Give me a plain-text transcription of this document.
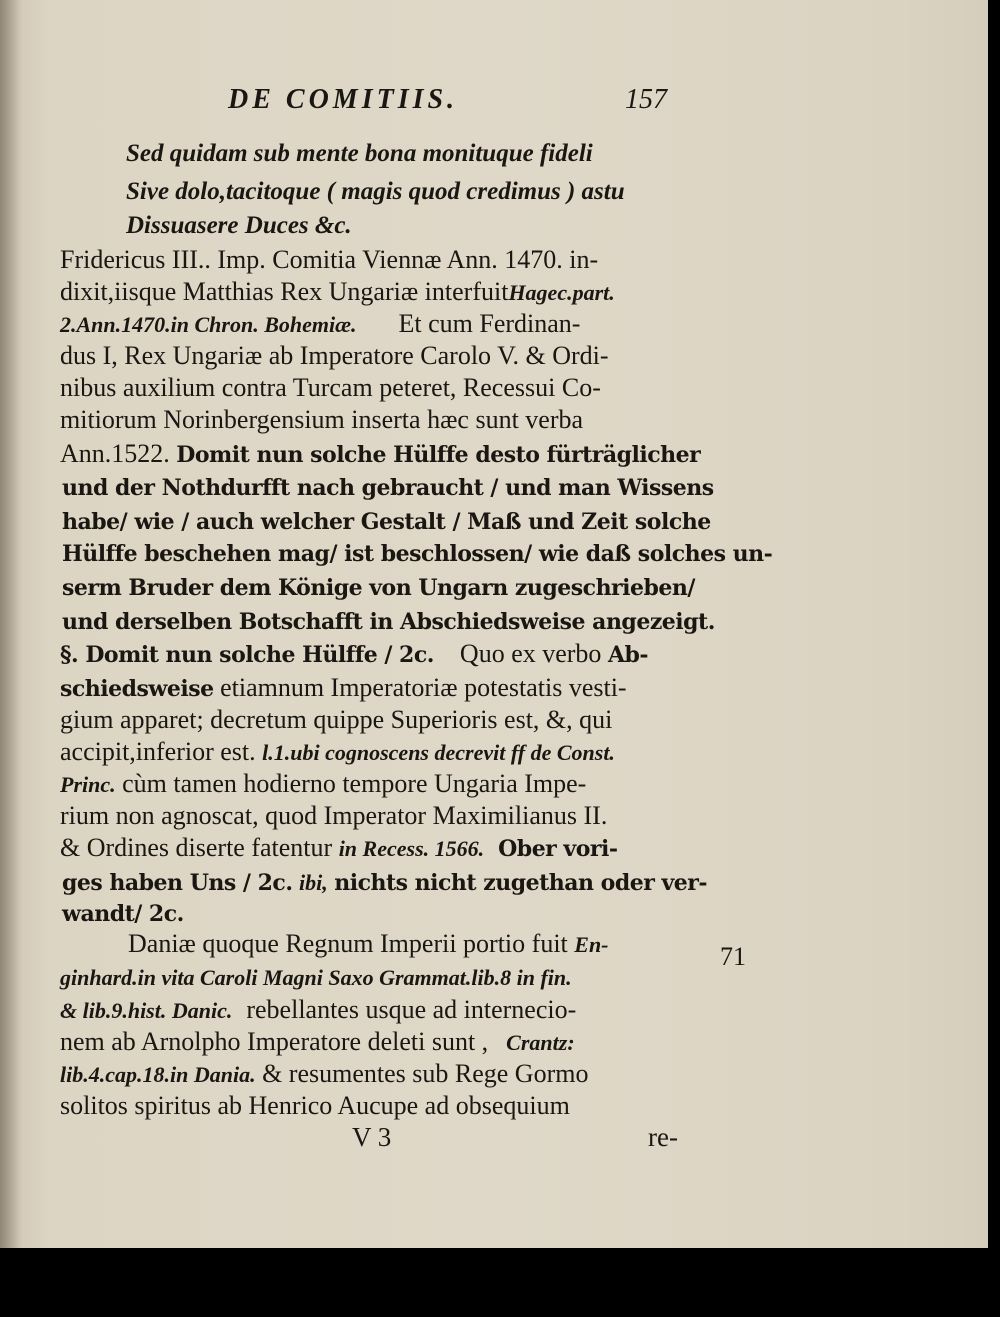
DE COMITIIS.	157
Sed quidam sub mente bona monituque fideli
Sive dolo,tacitoque ( magis quod credimus ) astu
Dissuasere Duces &c.
Fridericus III.. Imp. Comitia Viennæ Ann. 1470. in-
dixit,iisque Matthias Rex Ungariæ interfuitHagec.part.
2.Ann.1470.in Chron. Bohemiæ. Et cum Ferdinan-
dus I, Rex Ungariæ ab Imperatore Carolo V. & Ordi-
nibus auxilium contra Turcam peteret, Recessui Co-
mitiorum Norinbergensium inserta hæc sunt verba
Ann.1522. Domit nun solche Hülffe desto fürträglicher
und der Nothdurfft nach gebraucht / und man Wissens
habe/ wie / auch welcher Gestalt / Maß und Zeit solche
Hülffe beschehen mag/ ist beschlossen/ wie daß solches un-
serm Bruder dem Könige von Ungarn zugeschrieben/
und derselben Botschafft in Abschiedsweise angezeigt.
§. Domit nun solche Hülffe / 2c. Quo ex verbo Ab-
schiedsweise etiamnum Imperatoriæ potestatis vesti-
gium apparet; decretum quippe Superioris est, &, qui
accipit,inferior est. l.1.ubi cognoscens decrevit ff de Const.
Princ. cùm tamen hodierno tempore Ungaria Impe-
rium non agnoscat, quod Imperator Maximilianus II.
& Ordines diserte fatentur in Recess. 1566. Ober vori-
ges haben Uns / 2c. ibi, nichts nicht zugethan oder ver-
wandt/ 2c.
Daniæ quoque Regnum Imperii portio fuit En-
ginhard.in vita Caroli Magni Saxo Grammat.lib.8 in fin.
& lib.9.hist. Danic. rebellantes usque ad internecio-
nem ab Arnolpho Imperatore deleti sunt , Crantz:
lib.4.cap.18.in Dania. & resumentes sub Rege Gormo
solitos spiritus ab Henrico Aucupe ad obsequium
71
V 3	re-
